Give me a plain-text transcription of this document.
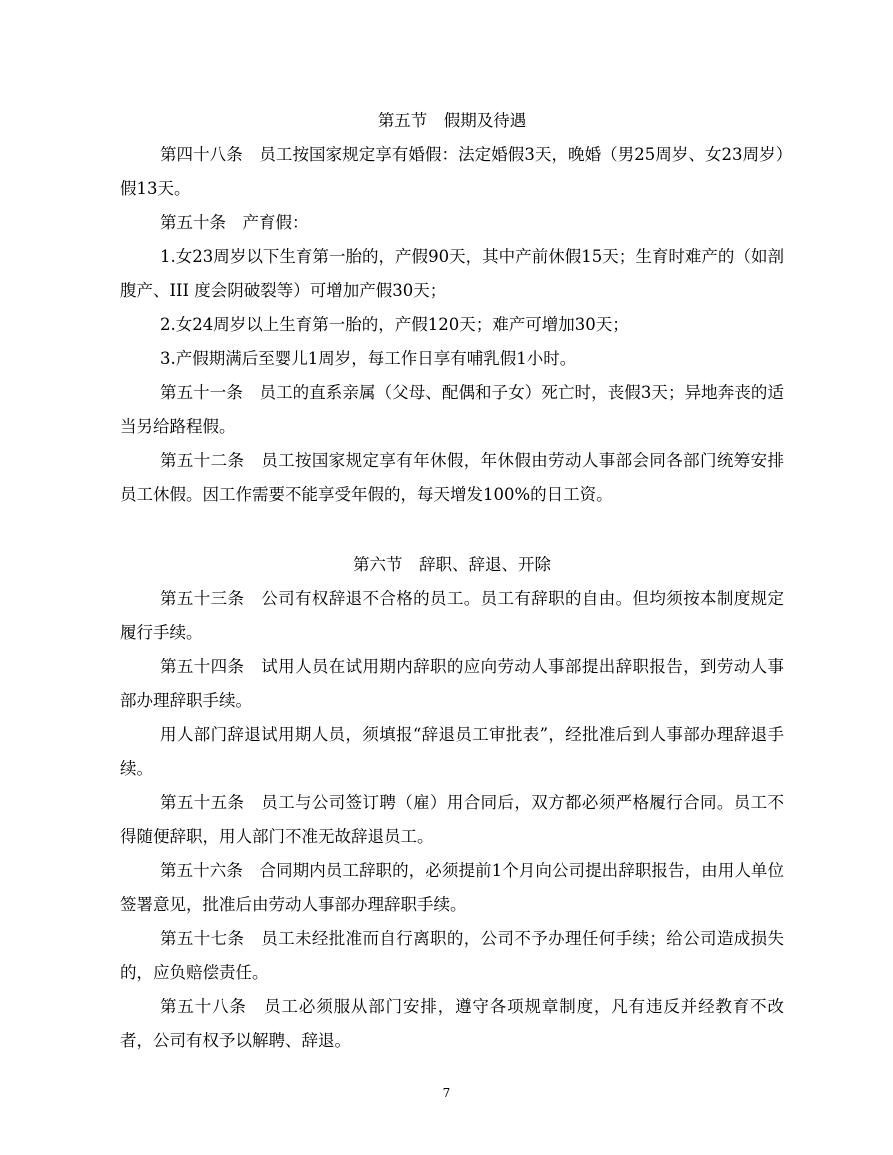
第五节　假期及待遇

第四十八条　员工按国家规定享有婚假：法定婚假3天，晚婚（男25周岁、女23周岁）假13天。

第五十条　产育假：

1.女23周岁以下生育第一胎的，产假90天，其中产前休假15天；生育时难产的（如剖腹产、III 度会阴破裂等）可增加产假30天；

2.女24周岁以上生育第一胎的，产假120天；难产可增加30天；

3.产假期满后至婴儿1周岁，每工作日享有哺乳假1小时。

第五十一条　员工的直系亲属（父母、配偶和子女）死亡时，丧假3天；异地奔丧的适当另给路程假。

第五十二条　员工按国家规定享有年休假，年休假由劳动人事部会同各部门统筹安排员工休假。因工作需要不能享受年假的，每天增发100%的日工资。

第六节　辞职、辞退、开除

第五十三条　公司有权辞退不合格的员工。员工有辞职的自由。但均须按本制度规定履行手续。

第五十四条　试用人员在试用期内辞职的应向劳动人事部提出辞职报告，到劳动人事部办理辞职手续。

用人部门辞退试用期人员，须填报“辞退员工审批表”，经批准后到人事部办理辞退手续。

第五十五条　员工与公司签订聘（雇）用合同后，双方都必须严格履行合同。员工不得随便辞职，用人部门不准无故辞退员工。

第五十六条　合同期内员工辞职的，必须提前1个月向公司提出辞职报告，由用人单位签署意见，批准后由劳动人事部办理辞职手续。

第五十七条　员工未经批准而自行离职的，公司不予办理任何手续；给公司造成损失的，应负赔偿责任。

第五十八条　员工必须服从部门安排，遵守各项规章制度，凡有违反并经教育不改者，公司有权予以解聘、辞退。

7
